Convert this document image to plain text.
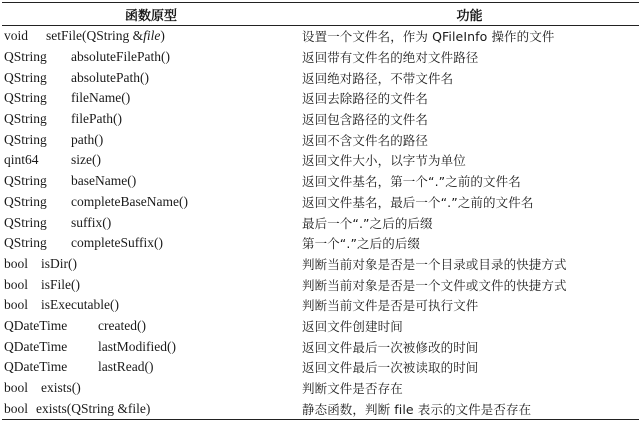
函数原型	功能
void setFile(QString &file)	设置一个文件名，作为 QFileInfo 操作的文件
QString absoluteFilePath()	返回带有文件名的绝对文件路径
QString absolutePath()	返回绝对路径，不带文件名
QString fileName()	返回去除路径的文件名
QString filePath()	返回包含路径的文件名
QString path()	返回不含文件名的路径
qint64 size()	返回文件大小，以字节为单位
QString baseName()	返回文件基名，第一个“.”之前的文件名
QString completeBaseName()	返回文件基名，最后一个“.”之前的文件名
QString suffix()	最后一个“.”之后的后缀
QString completeSuffix()	第一个“.”之后的后缀
bool isDir()	判断当前对象是否是一个目录或目录的快捷方式
bool isFile()	判断当前对象是否是一个文件或文件的快捷方式
bool isExecutable()	判断当前文件是否是可执行文件
QDateTime created()	返回文件创建时间
QDateTime lastModified()	返回文件最后一次被修改的时间
QDateTime lastRead()	返回文件最后一次被读取的时间
bool exists()	判断文件是否存在
bool exists(QString &file)	静态函数，判断 file 表示的文件是否存在
